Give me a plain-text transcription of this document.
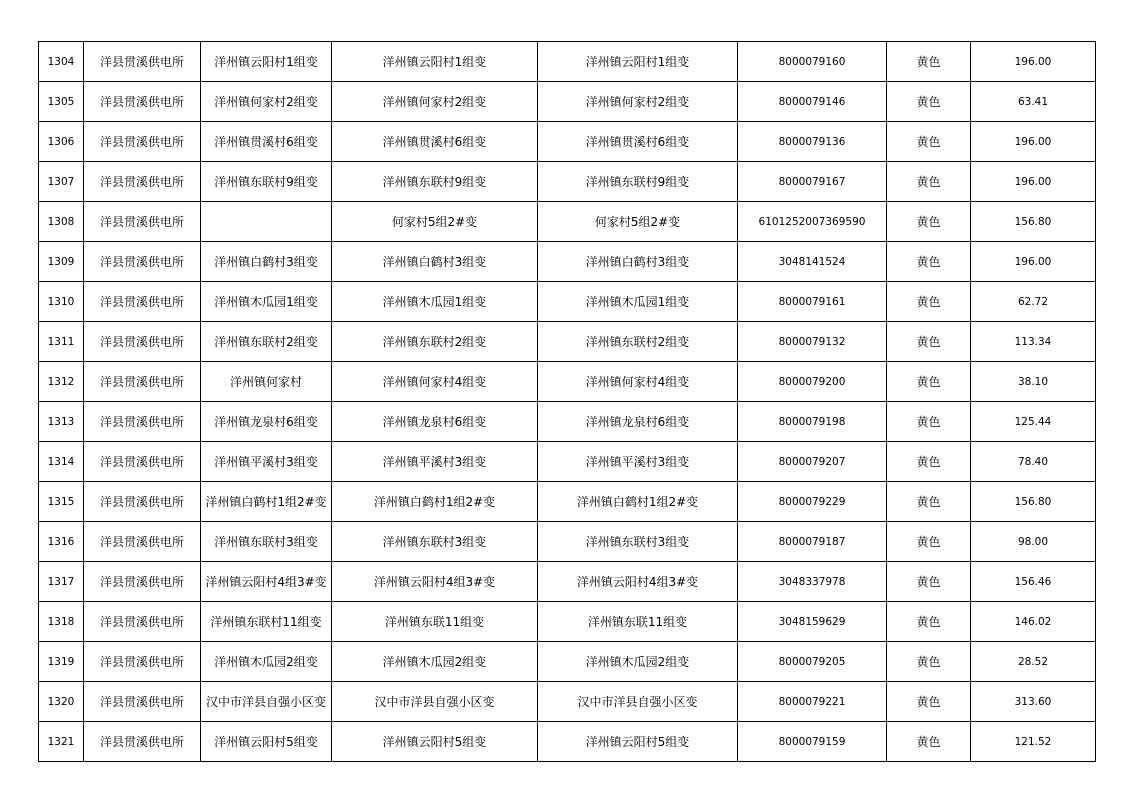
1304	洋县贯溪供电所	洋州镇云阳村1组变	洋州镇云阳村1组变	洋州镇云阳村1组变	8000079160	黄色	196.00
1305	洋县贯溪供电所	洋州镇何家村2组变	洋州镇何家村2组变	洋州镇何家村2组变	8000079146	黄色	63.41
1306	洋县贯溪供电所	洋州镇贯溪村6组变	洋州镇贯溪村6组变	洋州镇贯溪村6组变	8000079136	黄色	196.00
1307	洋县贯溪供电所	洋州镇东联村9组变	洋州镇东联村9组变	洋州镇东联村9组变	8000079167	黄色	196.00
1308	洋县贯溪供电所		何家村5组2#变	何家村5组2#变	6101252007369590	黄色	156.80
1309	洋县贯溪供电所	洋州镇白鹤村3组变	洋州镇白鹤村3组变	洋州镇白鹤村3组变	3048141524	黄色	196.00
1310	洋县贯溪供电所	洋州镇木瓜园1组变	洋州镇木瓜园1组变	洋州镇木瓜园1组变	8000079161	黄色	62.72
1311	洋县贯溪供电所	洋州镇东联村2组变	洋州镇东联村2组变	洋州镇东联村2组变	8000079132	黄色	113.34
1312	洋县贯溪供电所	洋州镇何家村	洋州镇何家村4组变	洋州镇何家村4组变	8000079200	黄色	38.10
1313	洋县贯溪供电所	洋州镇龙泉村6组变	洋州镇龙泉村6组变	洋州镇龙泉村6组变	8000079198	黄色	125.44
1314	洋县贯溪供电所	洋州镇平溪村3组变	洋州镇平溪村3组变	洋州镇平溪村3组变	8000079207	黄色	78.40
1315	洋县贯溪供电所	洋州镇白鹤村1组2#变	洋州镇白鹤村1组2#变	洋州镇白鹤村1组2#变	8000079229	黄色	156.80
1316	洋县贯溪供电所	洋州镇东联村3组变	洋州镇东联村3组变	洋州镇东联村3组变	8000079187	黄色	98.00
1317	洋县贯溪供电所	洋州镇云阳村4组3#变	洋州镇云阳村4组3#变	洋州镇云阳村4组3#变	3048337978	黄色	156.46
1318	洋县贯溪供电所	洋州镇东联村11组变	洋州镇东联11组变	洋州镇东联11组变	3048159629	黄色	146.02
1319	洋县贯溪供电所	洋州镇木瓜园2组变	洋州镇木瓜园2组变	洋州镇木瓜园2组变	8000079205	黄色	28.52
1320	洋县贯溪供电所	汉中市洋县自强小区变	汉中市洋县自强小区变	汉中市洋县自强小区变	8000079221	黄色	313.60
1321	洋县贯溪供电所	洋州镇云阳村5组变	洋州镇云阳村5组变	洋州镇云阳村5组变	8000079159	黄色	121.52
